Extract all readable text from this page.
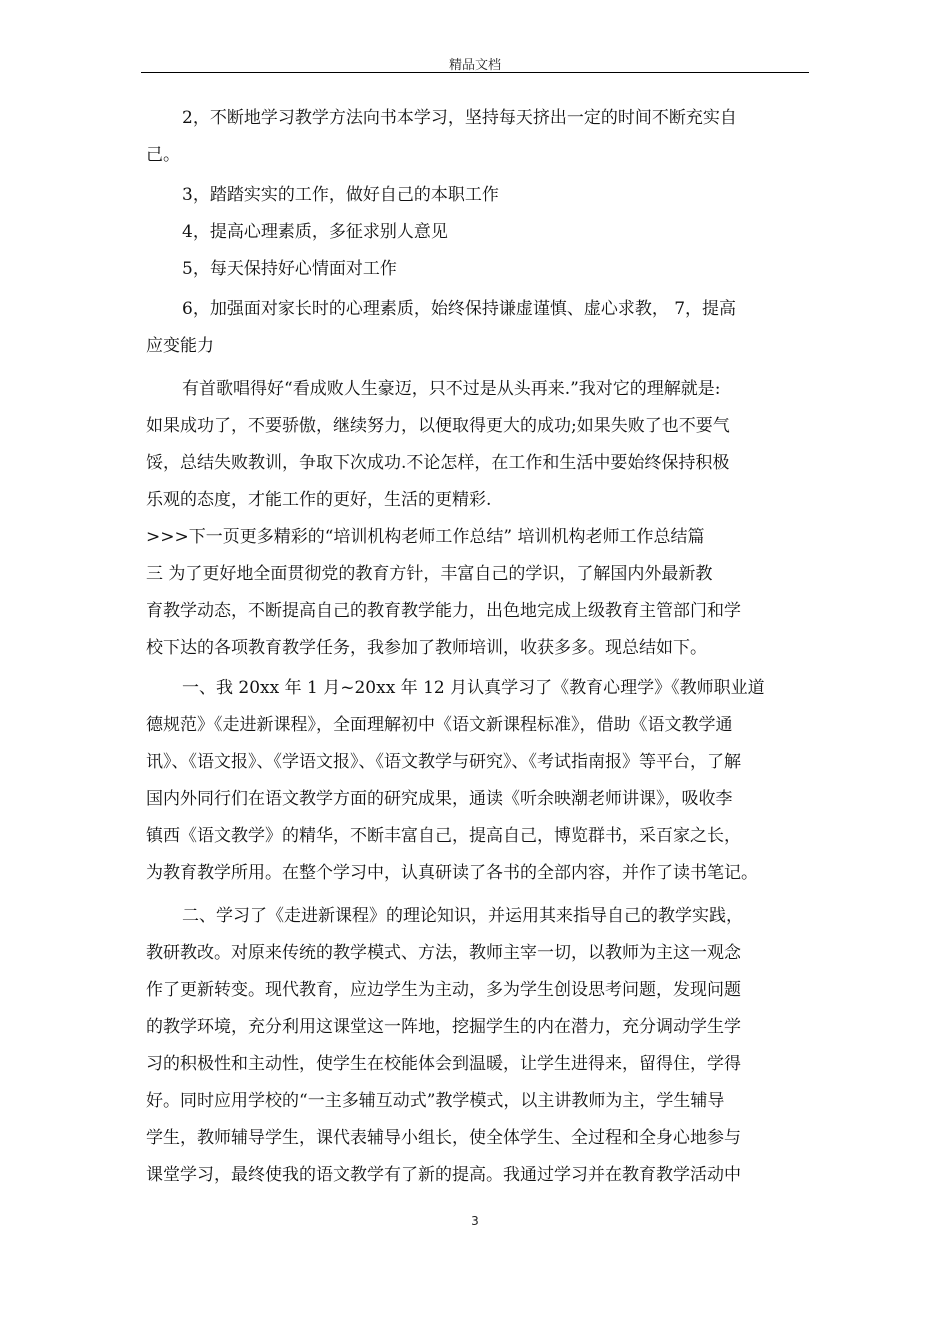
精品文档
2，不断地学习教学方法向书本学习，坚持每天挤出一定的时间不断充实自
己。
3，踏踏实实的工作，做好自己的本职工作
4，提高心理素质，多征求别人意见
5，每天保持好心情面对工作
6，加强面对家长时的心理素质，始终保持谦虚谨慎、虚心求教， 7，提高
应变能力
有首歌唱得好“看成败人生豪迈，只不过是从头再来.”我对它的理解就是:
如果成功了，不要骄傲，继续努力，以便取得更大的成功;如果失败了也不要气
馁，总结失败教训，争取下次成功.不论怎样，在工作和生活中要始终保持积极
乐观的态度，才能工作的更好，生活的更精彩.
>>>下一页更多精彩的“培训机构老师工作总结” 培训机构老师工作总结篇
三 为了更好地全面贯彻党的教育方针，丰富自己的学识，了解国内外最新教
育教学动态，不断提高自己的教育教学能力，出色地完成上级教育主管部门和学
校下达的各项教育教学任务，我参加了教师培训，收获多多。现总结如下。
一、我 20xx 年 1 月~20xx 年 12 月认真学习了《教育心理学》《教师职业道
德规范》《走进新课程》，全面理解初中《语文新课程标准》，借助《语文教学通
讯》、《语文报》、《学语文报》、《语文教学与研究》、《考试指南报》等平台，了解
国内外同行们在语文教学方面的研究成果，通读《听余映潮老师讲课》，吸收李
镇西《语文教学》的精华，不断丰富自己，提高自己，博览群书，采百家之长，
为教育教学所用。在整个学习中，认真研读了各书的全部内容，并作了读书笔记。
二、学习了《走进新课程》的理论知识，并运用其来指导自己的教学实践，
教研教改。对原来传统的教学模式、方法，教师主宰一切，以教师为主这一观念
作了更新转变。现代教育，应边学生为主动，多为学生创设思考问题，发现问题
的教学环境，充分利用这课堂这一阵地，挖掘学生的内在潜力，充分调动学生学
习的积极性和主动性，使学生在校能体会到温暖，让学生进得来，留得住，学得
好。同时应用学校的“一主多辅互动式”教学模式，以主讲教师为主，学生辅导
学生，教师辅导学生，课代表辅导小组长，使全体学生、全过程和全身心地参与
课堂学习，最终使我的语文教学有了新的提高。我通过学习并在教育教学活动中
3
